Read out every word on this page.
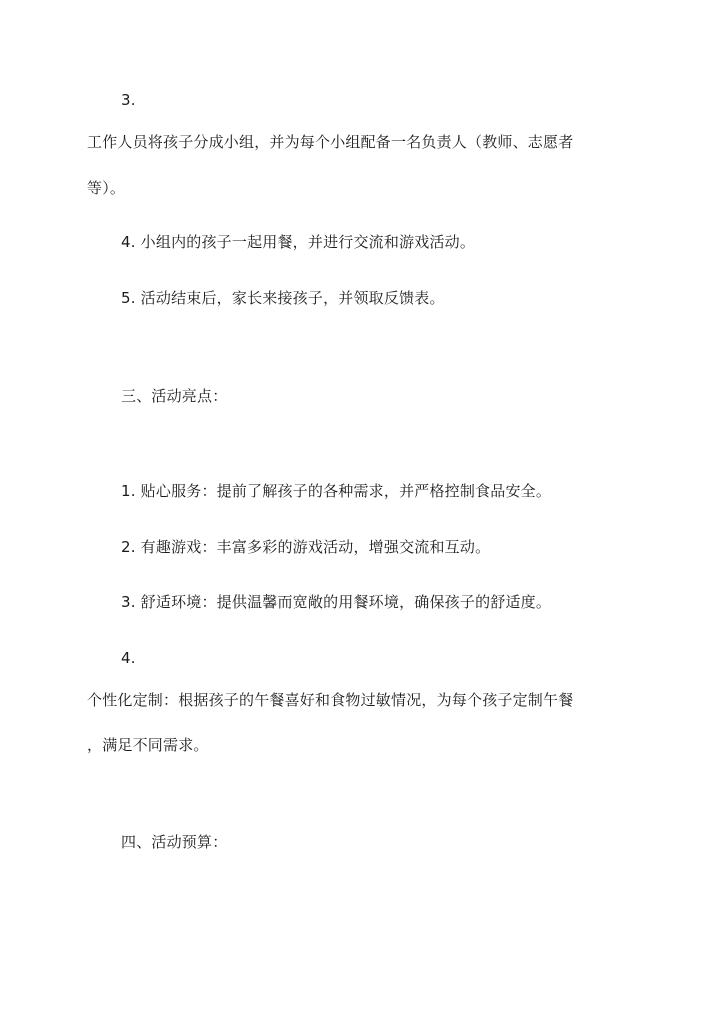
3.
工作人员将孩子分成小组，并为每个小组配备一名负责人（教师、志愿者
等）。
4. 小组内的孩子一起用餐，并进行交流和游戏活动。
5. 活动结束后，家长来接孩子，并领取反馈表。
三、活动亮点：
1. 贴心服务：提前了解孩子的各种需求，并严格控制食品安全。
2. 有趣游戏：丰富多彩的游戏活动，增强交流和互动。
3. 舒适环境：提供温馨而宽敞的用餐环境，确保孩子的舒适度。
4.
个性化定制：根据孩子的午餐喜好和食物过敏情况，为每个孩子定制午餐
，满足不同需求。
四、活动预算：
